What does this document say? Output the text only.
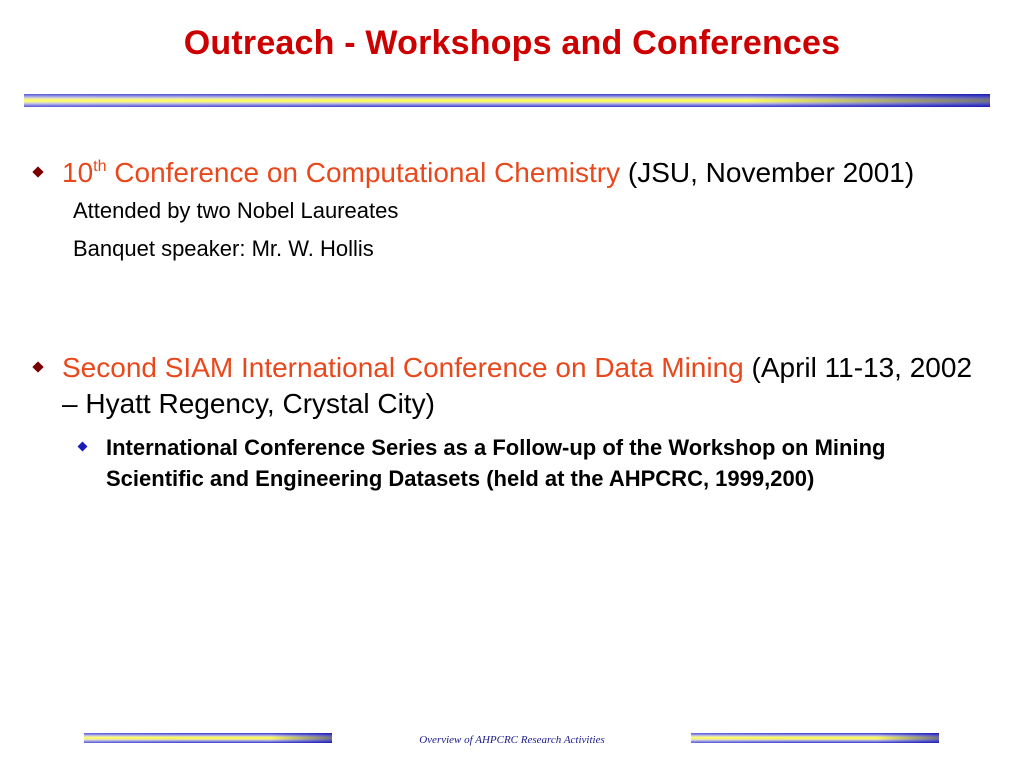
Outreach - Workshops and Conferences
10th Conference on Computational Chemistry (JSU, November 2001)
Attended by two Nobel Laureates
Banquet speaker: Mr. W. Hollis
Second SIAM International Conference on Data Mining (April 11-13, 2002 – Hyatt Regency, Crystal City)
International Conference Series as a Follow-up of the Workshop on Mining Scientific and Engineering Datasets (held at the AHPCRC, 1999,200)
Overview of AHPCRC Research Activities
